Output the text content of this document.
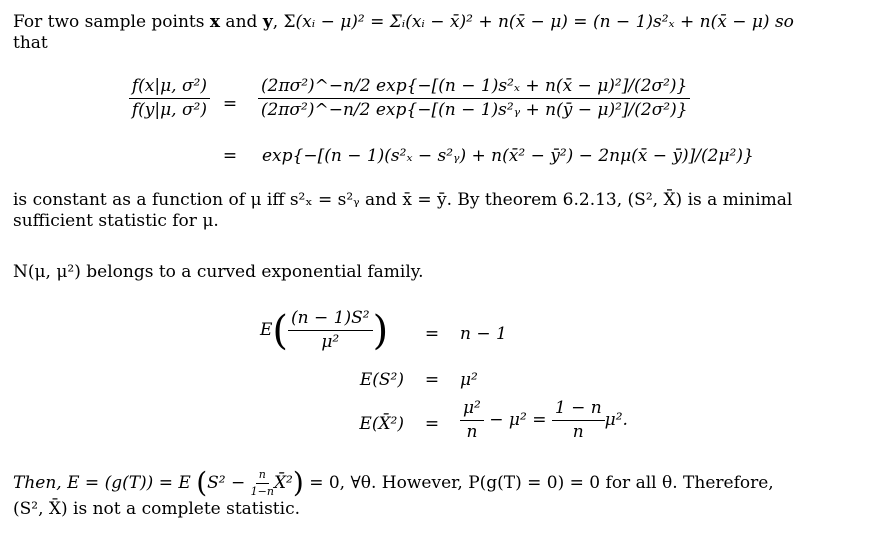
For two sample points x and y, Σ(xᵢ − μ)² = Σᵢ(xᵢ − x̄)² + n(x̄ − μ) = (n − 1)s²ₓ + n(x̄ − μ) so
that
$\frac{\text{f(x|μ, σ²)}}{\text{f(y|μ, σ²)}} = \frac{\text{(2πσ²)\textasciicircum{}−n/2 exp\{−[(n − 1)s²ₓ + n(x̄ − μ)²]/(2σ²)\}}}{\text{(2πσ²)\textasciicircum{}−n/2 exp\{−[(n − 1)s²ᵧ + n(ȳ − μ)²]/(2σ²)\}}}$
= exp{−[(n − 1)(s²ₓ − s²ᵧ) + n(x̄² − ȳ²) − 2nμ(x̄ − ȳ)]/(2μ²)}
is constant as a function of μ iff s²ₓ = s²ᵧ and x̄ = ȳ. By theorem 6.2.13, (S², X̄) is a minimal
sufficient statistic for μ.
N(μ, μ²) belongs to a curved exponential family.
E ( $\frac{\text{(n − 1)S²}}{\text{μ²}}$ ) = n − 1
E(S²) = μ²
E(X̄²) = $\frac{\text{μ²}}{n} - \mu^2 = \frac{1 - n}{n} \mu^2$.
Then, E = (g(T)) = E ( $S^2 - \frac{n}{1-n}$ X̄² ) = 0, ∀θ. However, P(g(T) = 0) = 0 for all θ. Therefore,
(S², X̄) is not a complete statistic.
